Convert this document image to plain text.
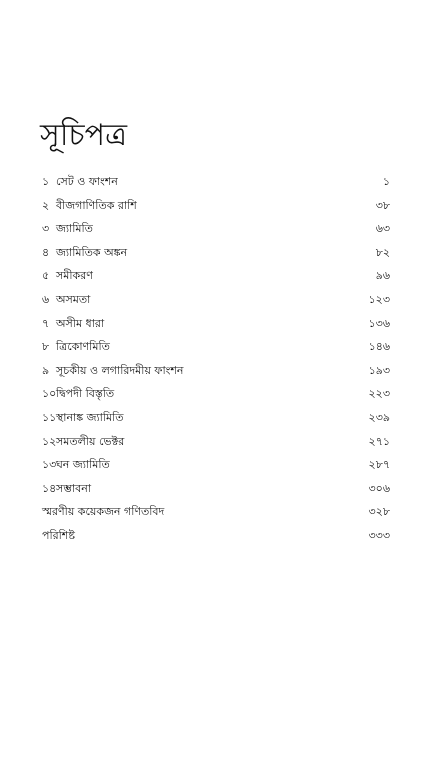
সূচিপত্র
১ সেট ও ফাংশন	১
২ বীজগাণিতিক রাশি	৩৮
৩ জ্যামিতি	৬৩
৪ জ্যামিতিক অঙ্কন	৮২
৫ সমীকরণ	৯৬
৬ অসমতা	১২৩
৭ অসীম ধারা	১৩৬
৮ ত্রিকোণমিতি	১৪৬
৯ সূচকীয় ও লগারিদমীয় ফাংশন	১৯৩
১০ দ্বিপদী বিস্তৃতি	২২৩
১১ স্থানাঙ্ক জ্যামিতি	২৩৯
১২ সমতলীয় ভেক্টর	২৭১
১৩ ঘন জ্যামিতি	২৮৭
১৪ সম্ভাবনা	৩০৬
স্মরণীয় কয়েকজন গণিতবিদ	৩২৮
পরিশিষ্ট	৩৩৩
